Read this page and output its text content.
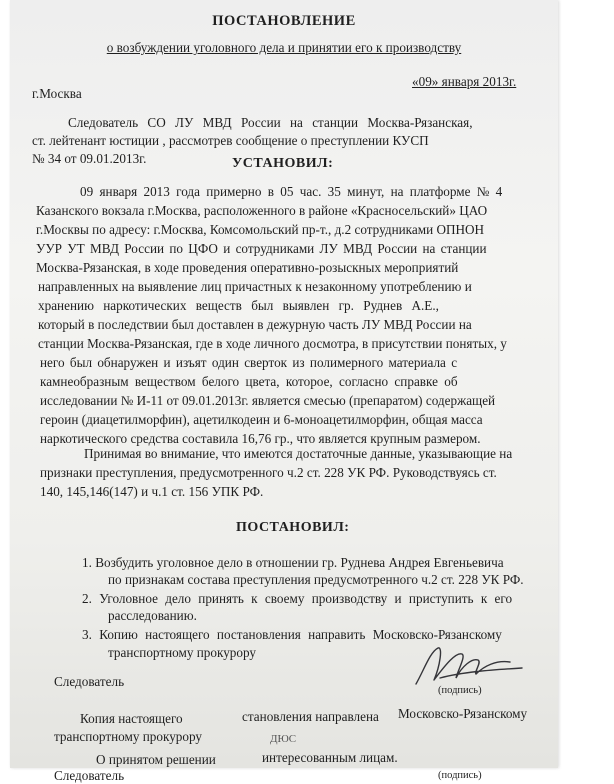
ПОСТАНОВЛЕНИЕ
о возбуждении уголовного дела и принятии его к производству
г.Москва
«09» января 2013г.
Следователь СО ЛУ МВД России на станции Москва-Рязанская,
ст. лейтенант юстиции , рассмотрев сообщение о преступлении КУСП
№ 34 от 09.01.2013г.	УСТАНОВИЛ:
09 января 2013 года примерно в 05 час. 35 минут, на платформе № 4
Казанского вокзала г.Москва, расположенного в районе «Красносельский» ЦАО
г.Москвы по адресу: г.Москва, Комсомольский пр-т., д.2 сотрудниками ОПНОН
УУР УТ МВД России по ЦФО и сотрудниками ЛУ МВД России на станции
Москва-Рязанская, в ходе проведения оперативно-розыскных мероприятий
направленных на выявление лиц причастных к незаконному употреблению и
хранению наркотических веществ был выявлен гр. Руднев А.Е.,
который в последствии был доставлен в дежурную часть ЛУ МВД России на
станции Москва-Рязанская, где в ходе личного досмотра, в присутствии понятых, у
него был обнаружен и изъят один сверток из полимерного материала с
камнеобразным веществом белого цвета, которое, согласно справке об
исследовании № И-11 от 09.01.2013г. является смесью (препаратом) содержащей
героин (диацетилморфин), ацетилкодеин и 6-моноацетилморфин, общая масса
наркотического средства составила 16,76 гр., что является крупным размером.
Принимая во внимание, что имеются достаточные данные, указывающие на
признаки преступления, предусмотренного ч.2 ст. 228 УК РФ. Руководствуясь ст.
140, 145,146(147) и ч.1 ст. 156 УПК РФ.
ПОСТАНОВИЛ:
1. Возбудить уголовное дело в отношении гр. Руднева Андрея Евгеньевича
по признакам состава преступления предусмотренного ч.2 ст. 228 УК РФ.
2. Уголовное дело принять к своему производству и приступить к его
расследованию.
3. Копию настоящего постановления направить Московско-Рязанскому
транспортному прокурору
Следователь
(подпись)
Копия настоящего	становления направлена Московско-Рязанскому
транспортному прокурору	ДЮС
О принятом решении	интересованным лицам.
Следователь	(подпись)
